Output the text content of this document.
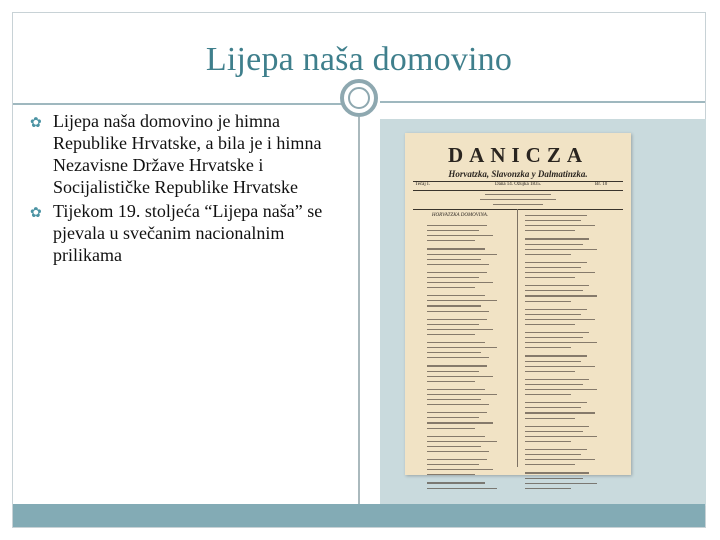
Lijepa naša domovino
✿ Lijepa naša domovino je himna Republike Hrvatske, a bila je i himna Nezavisne Države Hrvatske i Socijalističke Republike Hrvatske
✿ Tijekom 19. stoljeća “Lijepa naša” se pjevala u svečanim nacionalnim prilikama
DANICZA
Horvatzka, Slavonzka y Dalmatinzka.
Tečaj I.	Dana 14. Ožujka 1835.	Br. 10
HORVATZKA DOMOVINA.
